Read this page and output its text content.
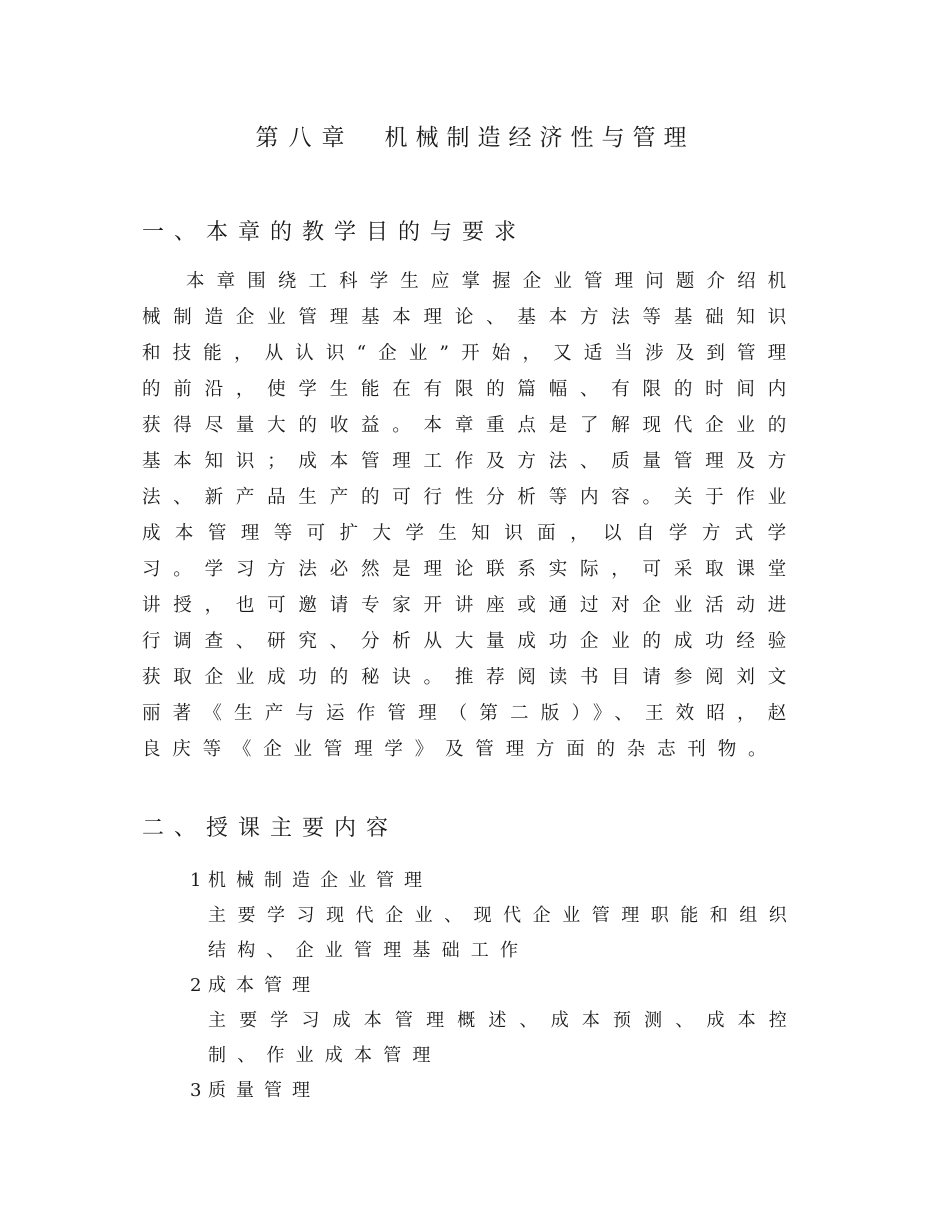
第八章 机械制造经济性与管理
一、本章的教学目的与要求

本章围绕工科学生应掌握企业管理问题介绍机械制造企业管理基本理论、基本方法等基础知识和技能，从认识“企业”开始，又适当涉及到管理的前沿，使学生能在有限的篇幅、有限的时间内获得尽量大的收益。本章重点是了解现代企业的基本知识；成本管理工作及方法、质量管理及方法、新产品生产的可行性分析等内容。关于作业成本管理等可扩大学生知识面，以自学方式学习。学习方法必然是理论联系实际，可采取课堂讲授，也可邀请专家开讲座或通过对企业活动进行调查、研究、分析从大量成功企业的成功经验获取企业成功的秘诀。推荐阅读书目请参阅刘文丽著《生产与运作管理（第二版）》、王效昭，赵良庆等《企业管理学》及管理方面的杂志刊物。

二、授课主要内容
1 机械制造企业管理

主要学习现代企业、现代企业管理职能和组织结构、企业管理基础工作

2 成本管理

主要学习成本管理概述、成本预测、成本控制、作业成本管理

3 质量管理
